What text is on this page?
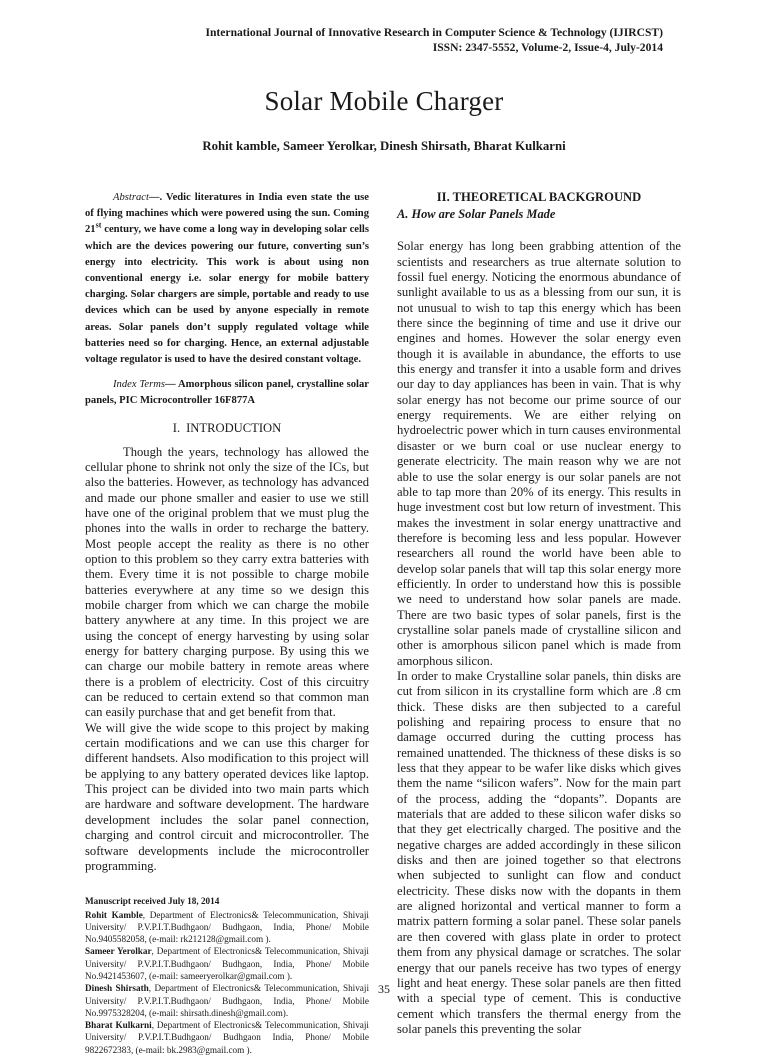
International Journal of Innovative Research in Computer Science & Technology (IJIRCST)
ISSN: 2347-5552, Volume-2, Issue-4, July-2014
Solar Mobile Charger
Rohit kamble, Sameer Yerolkar, Dinesh Shirsath, Bharat Kulkarni

Abstract—. Vedic literatures in India even state the use of flying machines which were powered using the sun. Coming 21st century, we have come a long way in developing solar cells which are the devices powering our future, converting sun’s energy into electricity. This work is about using non conventional energy i.e. solar energy for mobile battery charging. Solar chargers are simple, portable and ready to use devices which can be used by anyone especially in remote areas. Solar panels don’t supply regulated voltage while batteries need so for charging. Hence, an external adjustable voltage regulator is used to have the desired constant voltage.

Index Terms— Amorphous silicon panel, crystalline solar panels, PIC Microcontroller 16F877A

I. INTRODUCTION

Though the years, technology has allowed the cellular phone to shrink not only the size of the ICs, but also the batteries. However, as technology has advanced and made our phone smaller and easier to use we still have one of the original problem that we must plug the phones into the walls in order to recharge the battery. Most people accept the reality as there is no other option to this problem so they carry extra batteries with them. Every time it is not possible to charge mobile batteries everywhere at any time so we design this mobile charger from which we can charge the mobile battery anywhere at any time. In this project we are using the concept of energy harvesting by using solar energy for battery charging purpose. By using this we can charge our mobile battery in remote areas where there is a problem of electricity. Cost of this circuitry can be reduced to certain extend so that common man can easily purchase that and get benefit from that.

We will give the wide scope to this project by making certain modifications and we can use this charger for different handsets. Also modification to this project will be applying to any battery operated devices like laptop. This project can be divided into two main parts which are hardware and software development. The hardware development includes the solar panel connection, charging and control circuit and microcontroller. The software developments include the microcontroller programming.

Manuscript received July 18, 2014

Rohit Kamble, Department of Electronics& Telecommunication, Shivaji University/ P.V.P.I.T.Budhgaon/ Budhgaon, India, Phone/ Mobile No.9405582058, (e-mail: rk212128@gmail.com ).

Sameer Yerolkar, Department of Electronics& Telecommunication, Shivaji University/ P.V.P.I.T.Budhgaon/ Budhgaon, India, Phone/ Mobile No.9421453607, (e-mail: sameeryerolkar@gmail.com ).

Dinesh Shirsath, Department of Electronics& Telecommunication, Shivaji University/ P.V.P.I.T.Budhgaon/ Budhgaon, India, Phone/ Mobile No.9975328204, (e-mail: shirsath.dinesh@gmail.com).

Bharat Kulkarni, Department of Electronics& Telecommunication, Shivaji University/ P.V.P.I.T.Budhgaon/ Budhgaon India, Phone/ Mobile 9822672383, (e-mail: bk.2983@gmail.com ).

II. THEORETICAL BACKGROUND

A. How are Solar Panels Made

Solar energy has long been grabbing attention of the scientists and researchers as true alternate solution to fossil fuel energy. Noticing the enormous abundance of sunlight available to us as a blessing from our sun, it is not unusual to wish to tap this energy which has been there since the beginning of time and use it drive our engines and homes. However the solar energy even though it is available in abundance, the efforts to use this energy and transfer it into a usable form and drives our day to day appliances has been in vain. That is why solar energy has not become our prime source of our energy requirements. We are either relying on hydroelectric power which in turn causes environmental disaster or we burn coal or use nuclear energy to generate electricity. The main reason why we are not able to use the solar energy is our solar panels are not able to tap more than 20% of its energy. This results in huge investment cost but low return of investment. This makes the investment in solar energy unattractive and therefore is becoming less and less popular. However researchers all round the world have been able to develop solar panels that will tap this solar energy more efficiently. In order to understand how this is possible we need to understand how solar panels are made. There are two basic types of solar panels, first is the crystalline solar panels made of crystalline silicon and other is amorphous silicon panel which is made from amorphous silicon.

In order to make Crystalline solar panels, thin disks are cut from silicon in its crystalline form which are .8 cm thick. These disks are then subjected to a careful polishing and repairing process to ensure that no damage occurred during the cutting process has remained unattended. The thickness of these disks is so less that they appear to be wafer like disks which gives them the name “silicon wafers”. Now for the main part of the process, adding the “dopants”. Dopants are materials that are added to these silicon wafer disks so that they get electrically charged. The positive and the negative charges are added accordingly in these silicon disks and then are joined together so that electrons when subjected to sunlight can flow and conduct electricity. These disks now with the dopants in them are aligned horizontal and vertical manner to form a matrix pattern forming a solar panel. These solar panels are then covered with glass plate in order to protect them from any physical damage or scratches. The solar energy that our panels receive has two types of energy light and heat energy. These solar panels are then fitted with a special type of cement. This is conductive cement which transfers the thermal energy from the solar panels this preventing the solar

35
